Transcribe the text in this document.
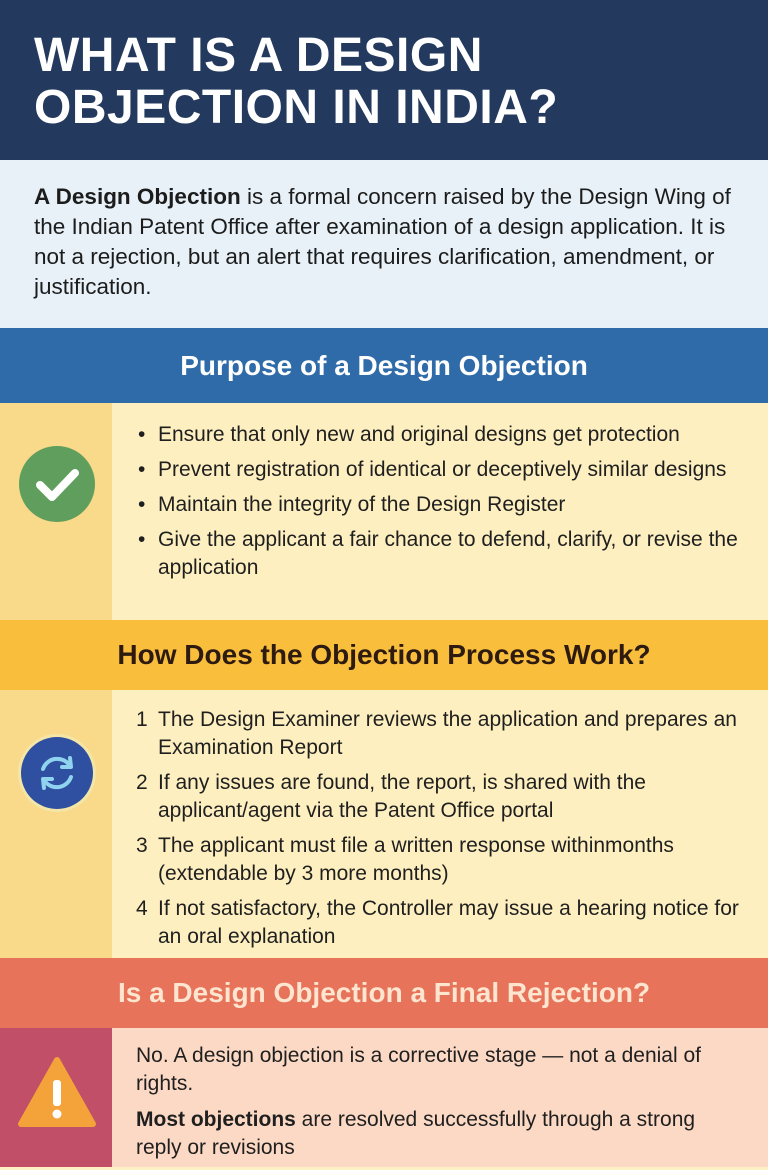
WHAT IS A DESIGN OBJECTION IN INDIA?

A Design Objection is a formal concern raised by the Design Wing of the Indian Patent Office after examination of a design application. It is not a rejection, but an alert that requires clarification, amendment, or justification.

Purpose of a Design Objection
• Ensure that only new and original designs get protection
• Prevent registration of identical or deceptively similar designs
• Maintain the integrity of the Design Register
• Give the applicant a fair chance to defend, clarify, or revise the application
How Does the Objection Process Work?
1 The Design Examiner reviews the application and prepares an Examination Report
2 If any issues are found, the report, is shared with the applicant/agent via the Patent Office portal
3 The applicant must file a written response withinmonths (extendable by 3 more months)
4 If not satisfactory, the Controller may issue a hearing notice for an oral explanation
Is a Design Objection a Final Rejection?

No. A design objection is a corrective stage — not a denial of rights.

Most objections are resolved successfully through a strong reply or revisions
